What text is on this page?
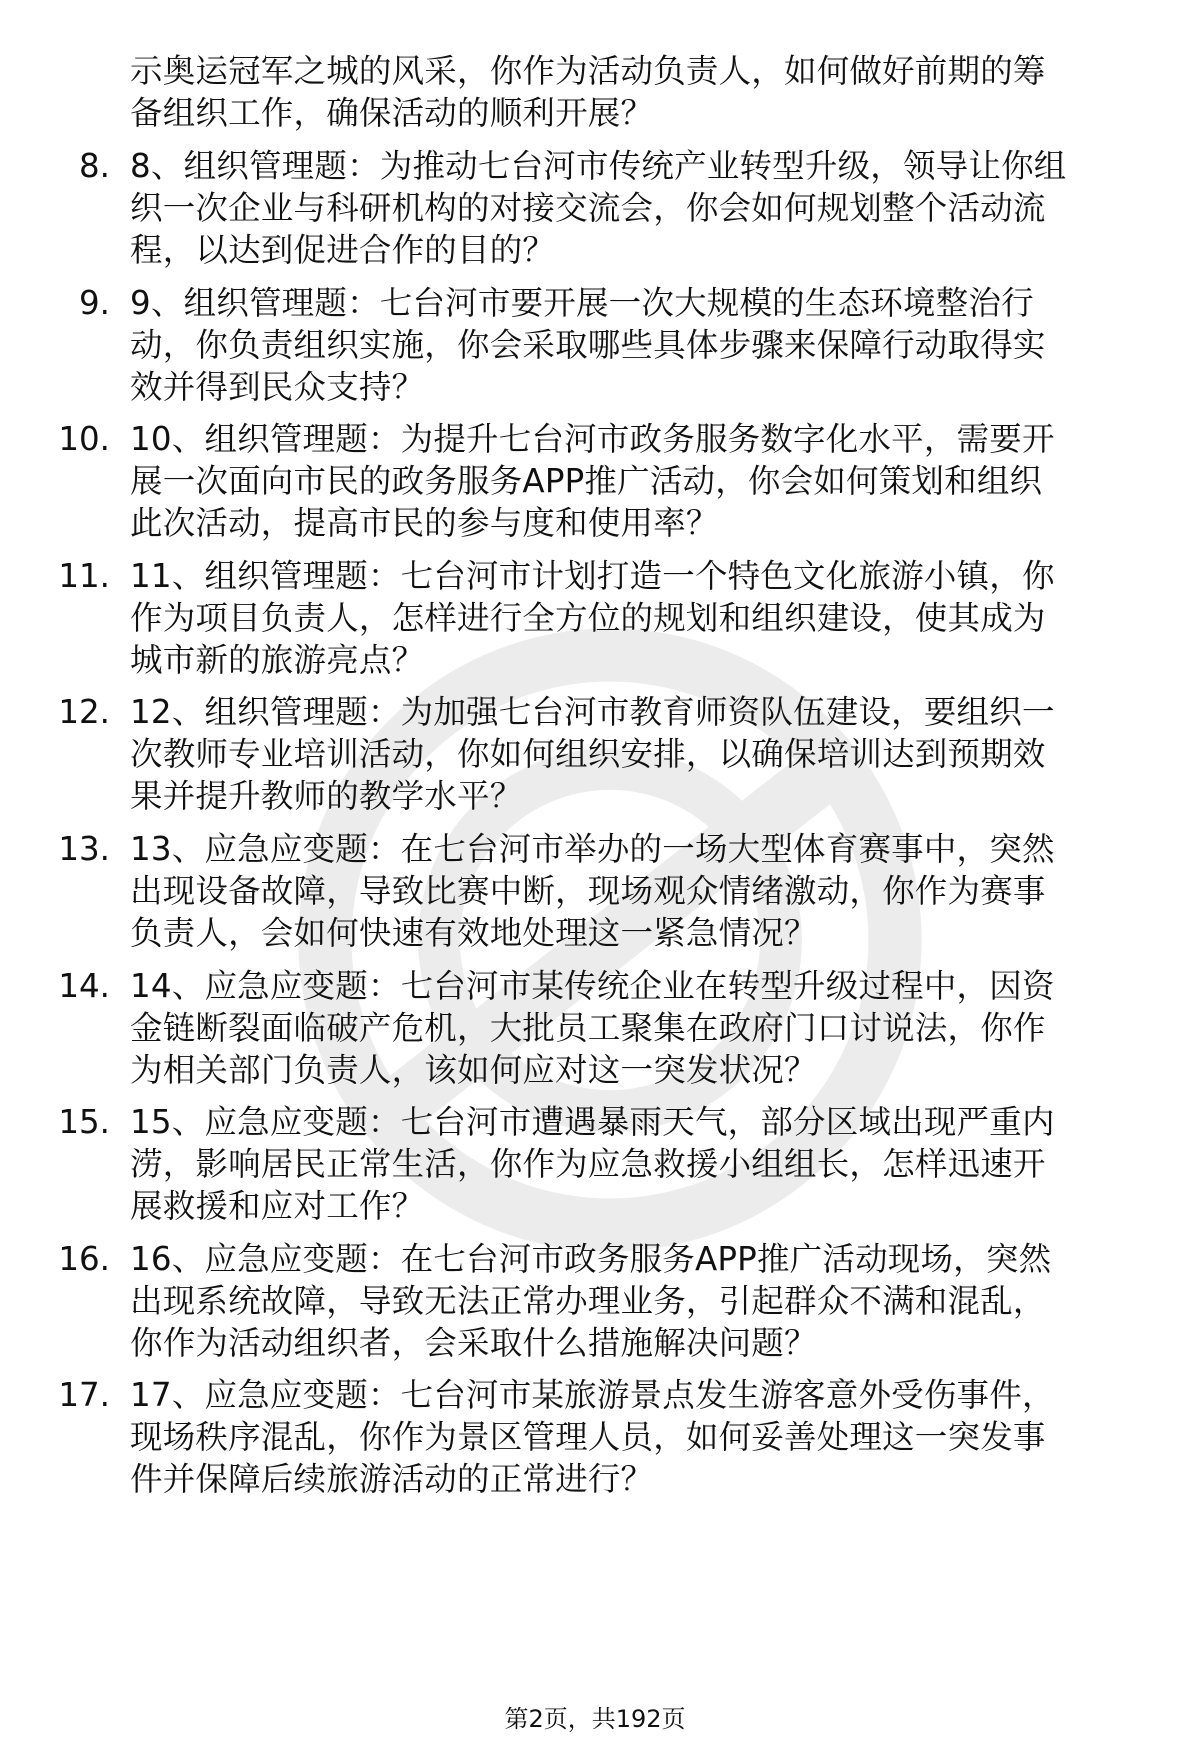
示奥运冠军之城的风采，你作为活动负责人，如何做好前期的筹
备组织工作，确保活动的顺利开展？
8. 8、组织管理题：为推动七台河市传统产业转型升级，领导让你组
织一次企业与科研机构的对接交流会，你会如何规划整个活动流
程，以达到促进合作的目的？
9. 9、组织管理题：七台河市要开展一次大规模的生态环境整治行
动，你负责组织实施，你会采取哪些具体步骤来保障行动取得实
效并得到民众支持？
10. 10、组织管理题：为提升七台河市政务服务数字化水平，需要开
展一次面向市民的政务服务APP推广活动，你会如何策划和组织
此次活动，提高市民的参与度和使用率？
11. 11、组织管理题：七台河市计划打造一个特色文化旅游小镇，你
作为项目负责人，怎样进行全方位的规划和组织建设，使其成为
城市新的旅游亮点？
12. 12、组织管理题：为加强七台河市教育师资队伍建设，要组织一
次教师专业培训活动，你如何组织安排，以确保培训达到预期效
果并提升教师的教学水平？
13. 13、应急应变题：在七台河市举办的一场大型体育赛事中，突然
出现设备故障，导致比赛中断，现场观众情绪激动，你作为赛事
负责人，会如何快速有效地处理这一紧急情况？
14. 14、应急应变题：七台河市某传统企业在转型升级过程中，因资
金链断裂面临破产危机，大批员工聚集在政府门口讨说法，你作
为相关部门负责人，该如何应对这一突发状况？
15. 15、应急应变题：七台河市遭遇暴雨天气，部分区域出现严重内
涝，影响居民正常生活，你作为应急救援小组组长，怎样迅速开
展救援和应对工作？
16. 16、应急应变题：在七台河市政务服务APP推广活动现场，突然
出现系统故障，导致无法正常办理业务，引起群众不满和混乱，
你作为活动组织者，会采取什么措施解决问题？
17. 17、应急应变题：七台河市某旅游景点发生游客意外受伤事件，
现场秩序混乱，你作为景区管理人员，如何妥善处理这一突发事
件并保障后续旅游活动的正常进行？
第2页，共192页
